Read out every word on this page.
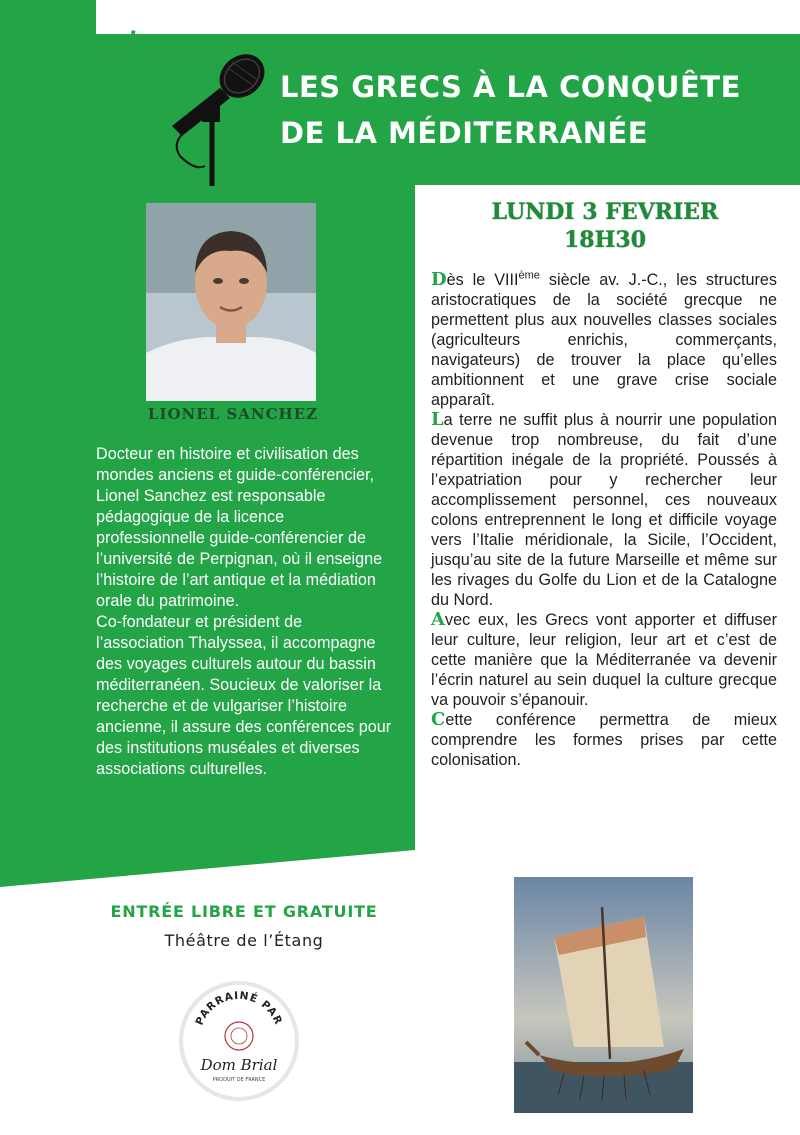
C.E.P.S.	LES GRECS À LA CONQUÊTE
DE LA MÉDITERRANÉE
LUNDI 3 FEVRIER
18H30
LIONEL SANCHEZ

Docteur en histoire et civilisation des mondes anciens et guide-conférencier, Lionel Sanchez est responsable pédagogique de la licence professionnelle guide-conférencier de l’université de Perpignan, où il enseigne l’histoire de l’art antique et la médiation orale du patrimoine.

Co-fondateur et président de l’association Thalyssea, il accompagne des voyages culturels autour du bassin méditerranéen. Soucieux de valoriser la recherche et de vulgariser l’histoire ancienne, il assure des conférences pour des institutions muséales et diverses associations culturelles.

Dès le VIIIème siècle av. J.-C., les structures aristocratiques de la société grecque ne permettent plus aux nouvelles classes sociales (agriculteurs enrichis, commerçants, navigateurs) de trouver la place qu’elles ambitionnent et une grave crise sociale apparaît.

La terre ne suffit plus à nourrir une population devenue trop nombreuse, du fait d’une répartition inégale de la propriété. Poussés à l’expatriation pour y rechercher leur accomplissement personnel, ces nouveaux colons entreprennent le long et difficile voyage vers l’Italie méridionale, la Sicile, l’Occident, jusqu’au site de la future Marseille et même sur les rivages du Golfe du Lion et de la Catalogne du Nord.

Avec eux, les Grecs vont apporter et diffuser leur culture, leur religion, leur art et c’est de cette manière que la Méditerranée va devenir l’écrin naturel au sein duquel la culture grecque va pouvoir s’épanouir.

Cette conférence permettra de mieux comprendre les formes prises par cette colonisation.

ENTRÉE LIBRE ET GRATUITE
Théâtre de l’Étang
PARRAINÉ PAR
Dom Brial
PRODUIT DE FRANCE
